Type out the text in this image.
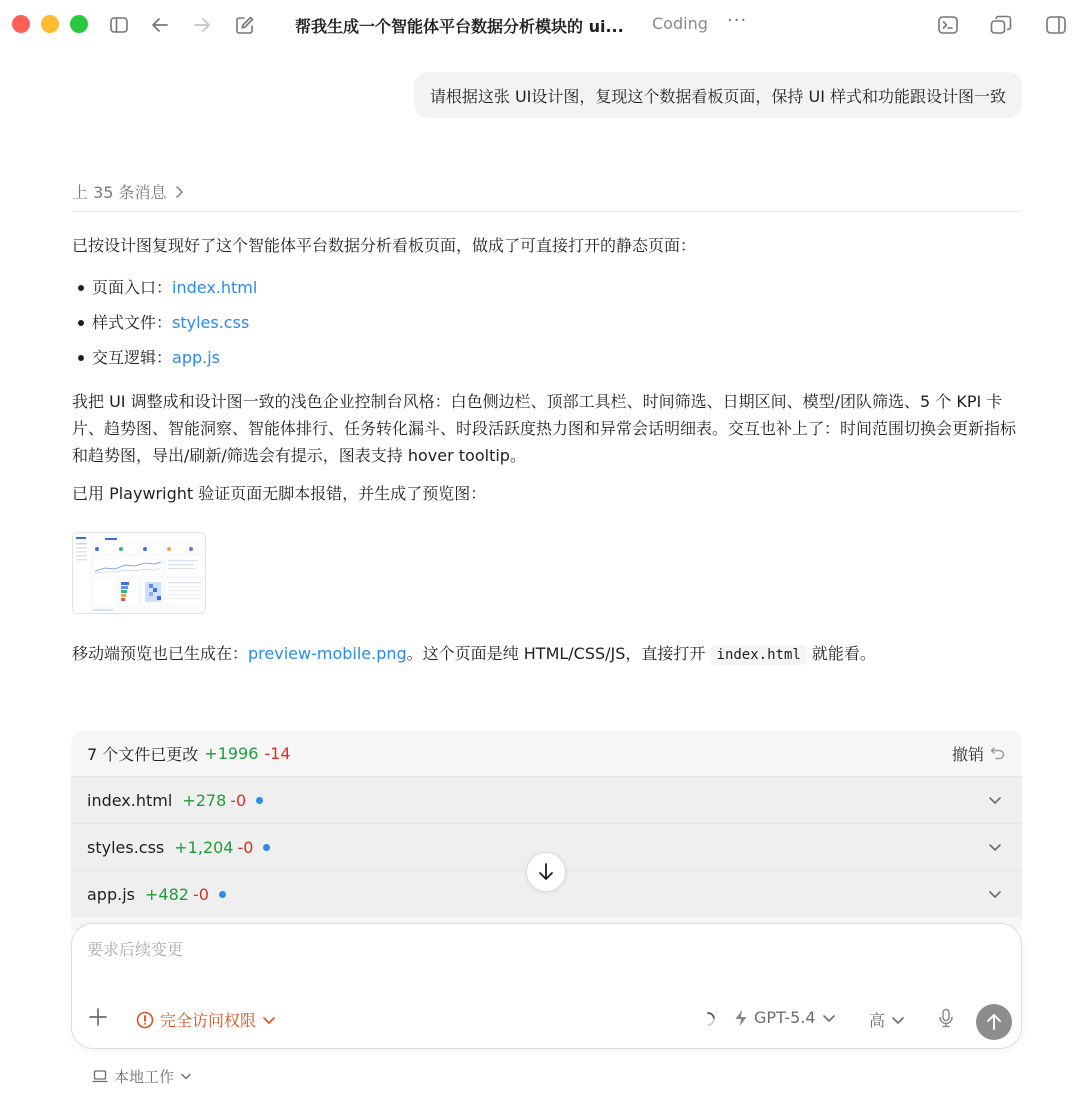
帮我生成一个智能体平台数据分析模块的 ui... Coding ···
请根据这张 UI设计图，复现这个数据看板页面，保持 UI 样式和功能跟设计图一致
上 35 条消息

已按设计图复现好了这个智能体平台数据分析看板页面，做成了可直接打开的静态页面：

页面入口： index.html
样式文件： styles.css
交互逻辑： app.js

我把 UI 调整成和设计图一致的浅色企业控制台风格：白色侧边栏、顶部工具栏、时间筛选、日期区间、模型/团队筛选、5 个 KPI 卡片、趋势图、智能洞察、智能体排行、任务转化漏斗、时段活跃度热力图和异常会话明细表。交互也补上了：时间范围切换会更新指标和趋势图，导出/刷新/筛选会有提示，图表支持 hover tooltip。

已用 Playwright 验证页面无脚本报错，并生成了预览图：

移动端预览也已生成在：preview-mobile.png。这个页面是纯 HTML/CSS/JS，直接打开 index.html 就能看。

7 个文件已更改 +1996 -14	撤销
index.html +278 -0
styles.css +1,204 -0
app.js +482 -0
要求后续变更
完全访问权限	GPT-5.4	高
本地工作
